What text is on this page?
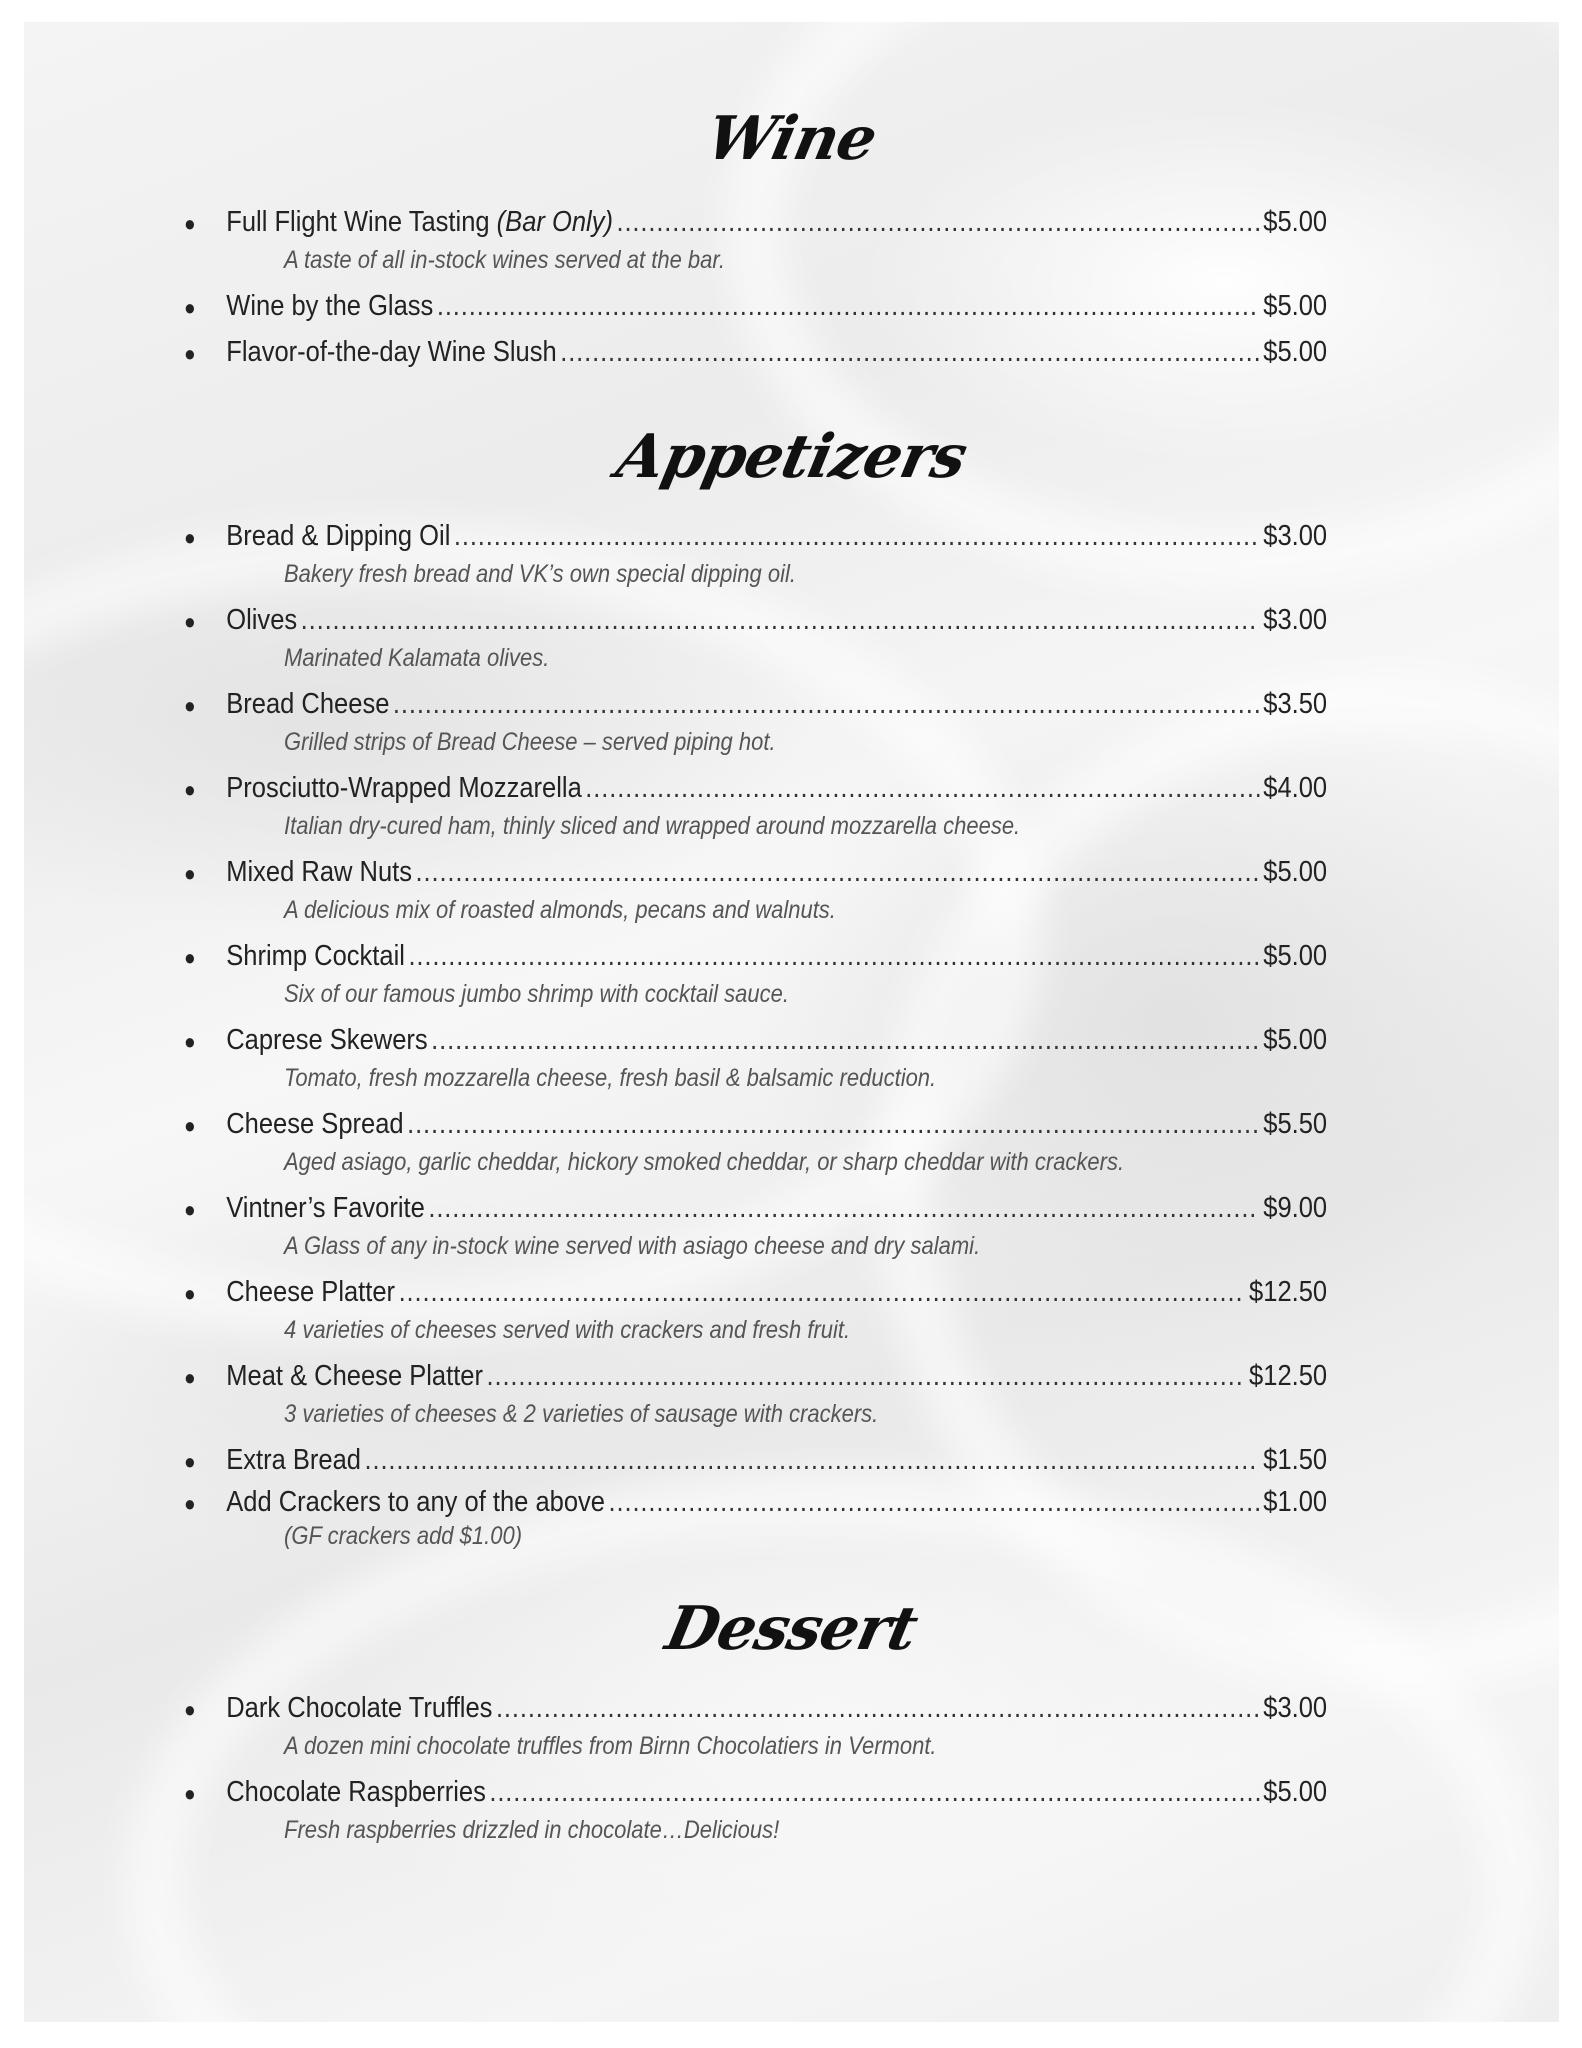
Wine
●	Full Flight Wine Tasting (Bar Only) .....	$5.00
A taste of all in-stock wines served at the bar.
●	Wine by the Glass .....	$5.00
●	Flavor-of-the-day Wine Slush .....	$5.00
Appetizers
●	Bread & Dipping Oil .....	$3.00
Bakery fresh bread and VK’s own special dipping oil.
●	Olives .....	$3.00
Marinated Kalamata olives.
●	Bread Cheese .....	$3.50
Grilled strips of Bread Cheese – served piping hot.
●	Prosciutto-Wrapped Mozzarella .....	$4.00
Italian dry-cured ham, thinly sliced and wrapped around mozzarella cheese.
●	Mixed Raw Nuts .....	$5.00
A delicious mix of roasted almonds, pecans and walnuts.
●	Shrimp Cocktail .....	$5.00
Six of our famous jumbo shrimp with cocktail sauce.
●	Caprese Skewers .....	$5.00
Tomato, fresh mozzarella cheese, fresh basil & balsamic reduction.
●	Cheese Spread .....	$5.50
Aged asiago, garlic cheddar, hickory smoked cheddar, or sharp cheddar with crackers.
●	Vintner’s Favorite .....	$9.00
A Glass of any in-stock wine served with asiago cheese and dry salami.
●	Cheese Platter .....	$12.50
4 varieties of cheeses served with crackers and fresh fruit.
●	Meat & Cheese Platter .....	$12.50
3 varieties of cheeses & 2 varieties of sausage with crackers.
●	Extra Bread .....	$1.50
●	Add Crackers to any of the above .....	$1.00
(GF crackers add $1.00)
Dessert
●	Dark Chocolate Truffles .....	$3.00
A dozen mini chocolate truffles from Birnn Chocolatiers in Vermont.
●	Chocolate Raspberries .....	$5.00
Fresh raspberries drizzled in chocolate…Delicious!
